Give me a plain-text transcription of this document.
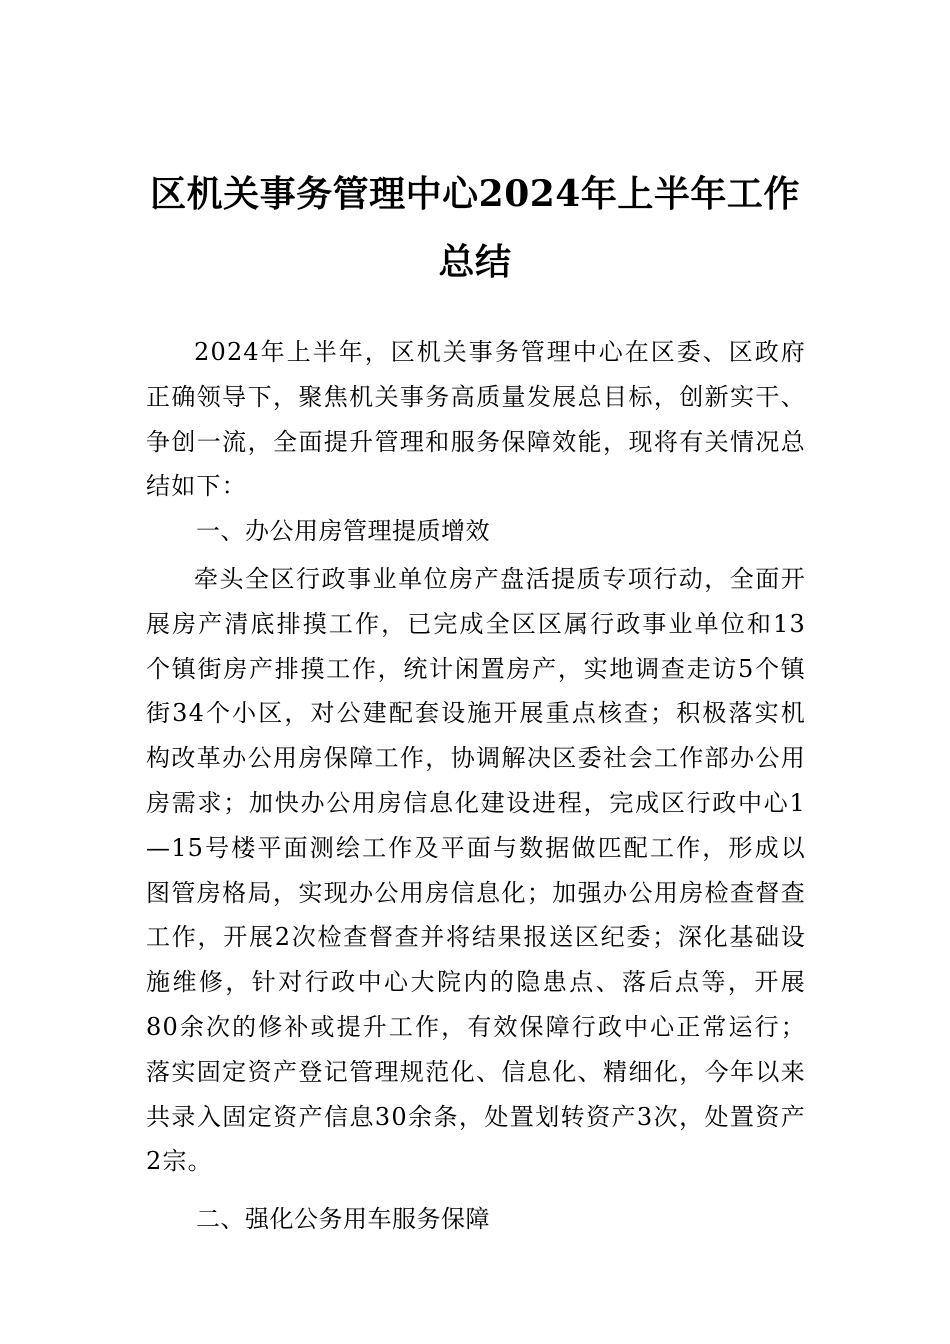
区机关事务管理中心2024年上半年工作总结

2024年上半年，区机关事务管理中心在区委、区政府正确领导下，聚焦机关事务高质量发展总目标，创新实干、争创一流，全面提升管理和服务保障效能，现将有关情况总结如下：

一、办公用房管理提质增效

牵头全区行政事业单位房产盘活提质专项行动，全面开展房产清底排摸工作，已完成全区区属行政事业单位和13个镇街房产排摸工作，统计闲置房产，实地调查走访5个镇街34个小区，对公建配套设施开展重点核查；积极落实机构改革办公用房保障工作，协调解决区委社会工作部办公用房需求；加快办公用房信息化建设进程，完成区行政中心1—15号楼平面测绘工作及平面与数据做匹配工作，形成以图管房格局，实现办公用房信息化；加强办公用房检查督查工作，开展2次检查督查并将结果报送区纪委；深化基础设施维修，针对行政中心大院内的隐患点、落后点等，开展80余次的修补或提升工作，有效保障行政中心正常运行；落实固定资产登记管理规范化、信息化、精细化，今年以来共录入固定资产信息30余条，处置划转资产3次，处置资产2宗。

二、强化公务用车服务保障
